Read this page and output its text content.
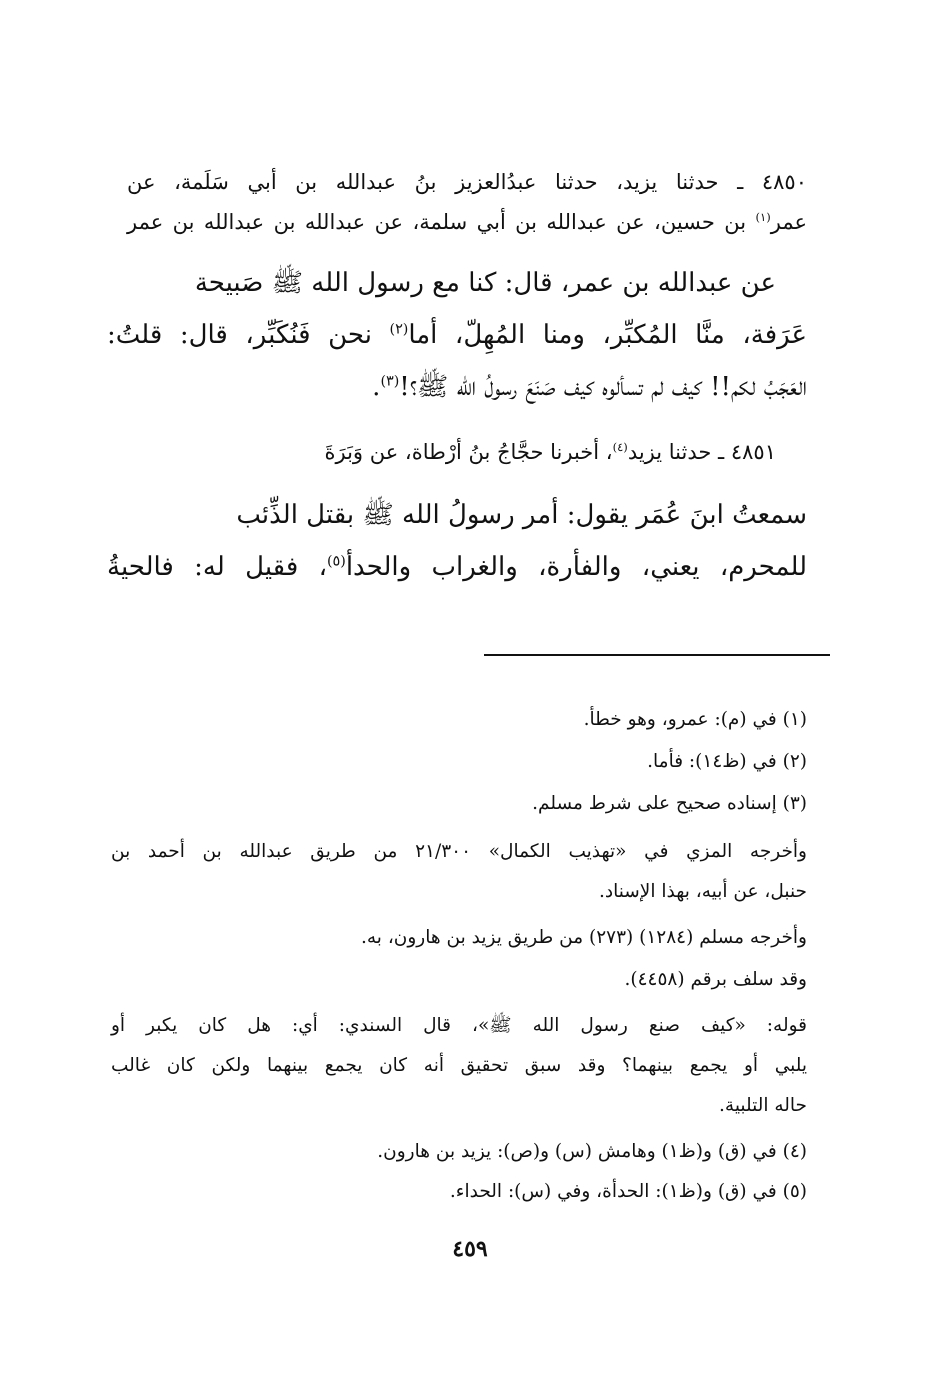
٤٨٥٠ ـ حدثنا يزيد، حدثنا عبدُالعزيز بنُ عبدالله بن أبي سَلَمة، عن
عمر$^{(١)}$ بن حسين، عن عبدالله بن أبي سلمة، عن عبدالله بن عبدالله بن عمر
عن عبدالله بن عمر، قال: كنا مع رسول الله ﷺ صَبيحة
عَرَفة، منَّا المُكبِّر، ومنا المُهِلّ، أما$^{(٢)}$ نحن فَنُكَبِّر، قال: قلتُ:
العَجَبُ لكم!! كيف لم تسألوه كيف صَنَعَ رسولُ الله ﷺ؟!$^{(٣)}$.
٤٨٥١ ـ حدثنا يزيد$^{(٤)}$، أخبرنا حجَّاجُ بنُ أرْطاة، عن وَبَرَةَ
سمعتُ ابنَ عُمَر يقول: أمر رسولُ الله ﷺ بقتل الذِّئب
للمحرم، يعني، والفأرة، والغراب والحدأ$^{(٥)}$، فقيل له: فالحيةُ
(١) في (م): عمرو، وهو خطأ.
(٢) في (ظ١٤): فأما.
(٣) إسناده صحيح على شرط مسلم.
وأخرجه المزي في «تهذيب الكمال» ٢١/٣٠٠ من طريق عبدالله بن أحمد بن
حنبل، عن أبيه، بهذا الإسناد.
وأخرجه مسلم (١٢٨٤) (٢٧٣) من طريق يزيد بن هارون، به.
وقد سلف برقم (٤٤٥٨).
قوله: «كيف صنع رسول الله ﷺ»، قال السندي: أي: هل كان يكبر أو
يلبي أو يجمع بينهما؟ وقد سبق تحقيق أنه كان يجمع بينهما ولكن كان غالب
حاله التلبية.
(٤) في (ق) و(ظ١) وهامش (س) و(ص): يزيد بن هارون.
(٥) في (ق) و(ظ١): الحدأة، وفي (س): الحداء.
٤٥٩
